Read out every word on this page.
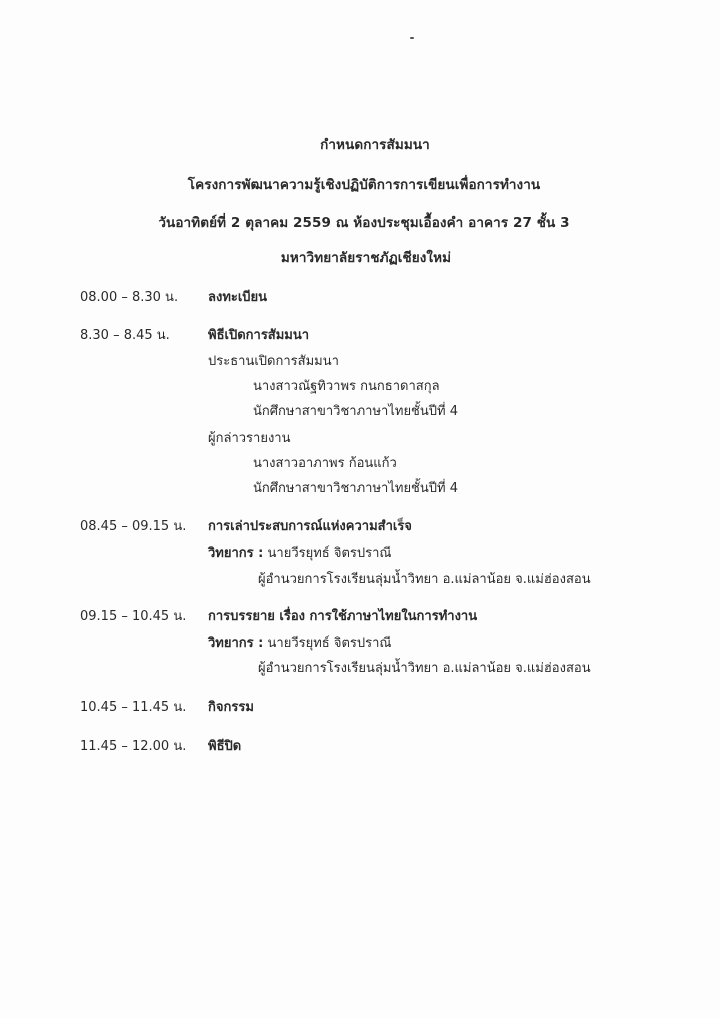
กำหนดการสัมมนา
โครงการพัฒนาความรู้เชิงปฏิบัติการการเขียนเพื่อการทำงาน
วันอาทิตย์ที่ 2 ตุลาคม 2559 ณ ห้องประชุมเอื้องคำ อาคาร 27 ชั้น 3
มหาวิทยาลัยราชภัฏเชียงใหม่
08.00 – 8.30 น. ลงทะเบียน
8.30 – 8.45 น.	พิธีเปิดการสัมมนา
ประธานเปิดการสัมมนา
นางสาวณัฐทิวาพร กนกธาดาสกุล
นักศึกษาสาขาวิชาภาษาไทยชั้นปีที่ 4
ผู้กล่าวรายงาน
นางสาวอาภาพร ก้อนแก้ว
นักศึกษาสาขาวิชาภาษาไทยชั้นปีที่ 4
08.45 – 09.15 น. การเล่าประสบการณ์แห่งความสำเร็จ
วิทยากร : นายวีรยุทธ์ จิตรปราณี
ผู้อำนวยการโรงเรียนลุ่มน้ำวิทยา อ.แม่ลาน้อย จ.แม่ฮ่องสอน
09.15 – 10.45 น. การบรรยาย เรื่อง การใช้ภาษาไทยในการทำงาน
วิทยากร : นายวีรยุทธ์ จิตรปราณี
ผู้อำนวยการโรงเรียนลุ่มน้ำวิทยา อ.แม่ลาน้อย จ.แม่ฮ่องสอน
10.45 – 11.45 น. กิจกรรม
11.45 – 12.00 น. พิธีปิด
